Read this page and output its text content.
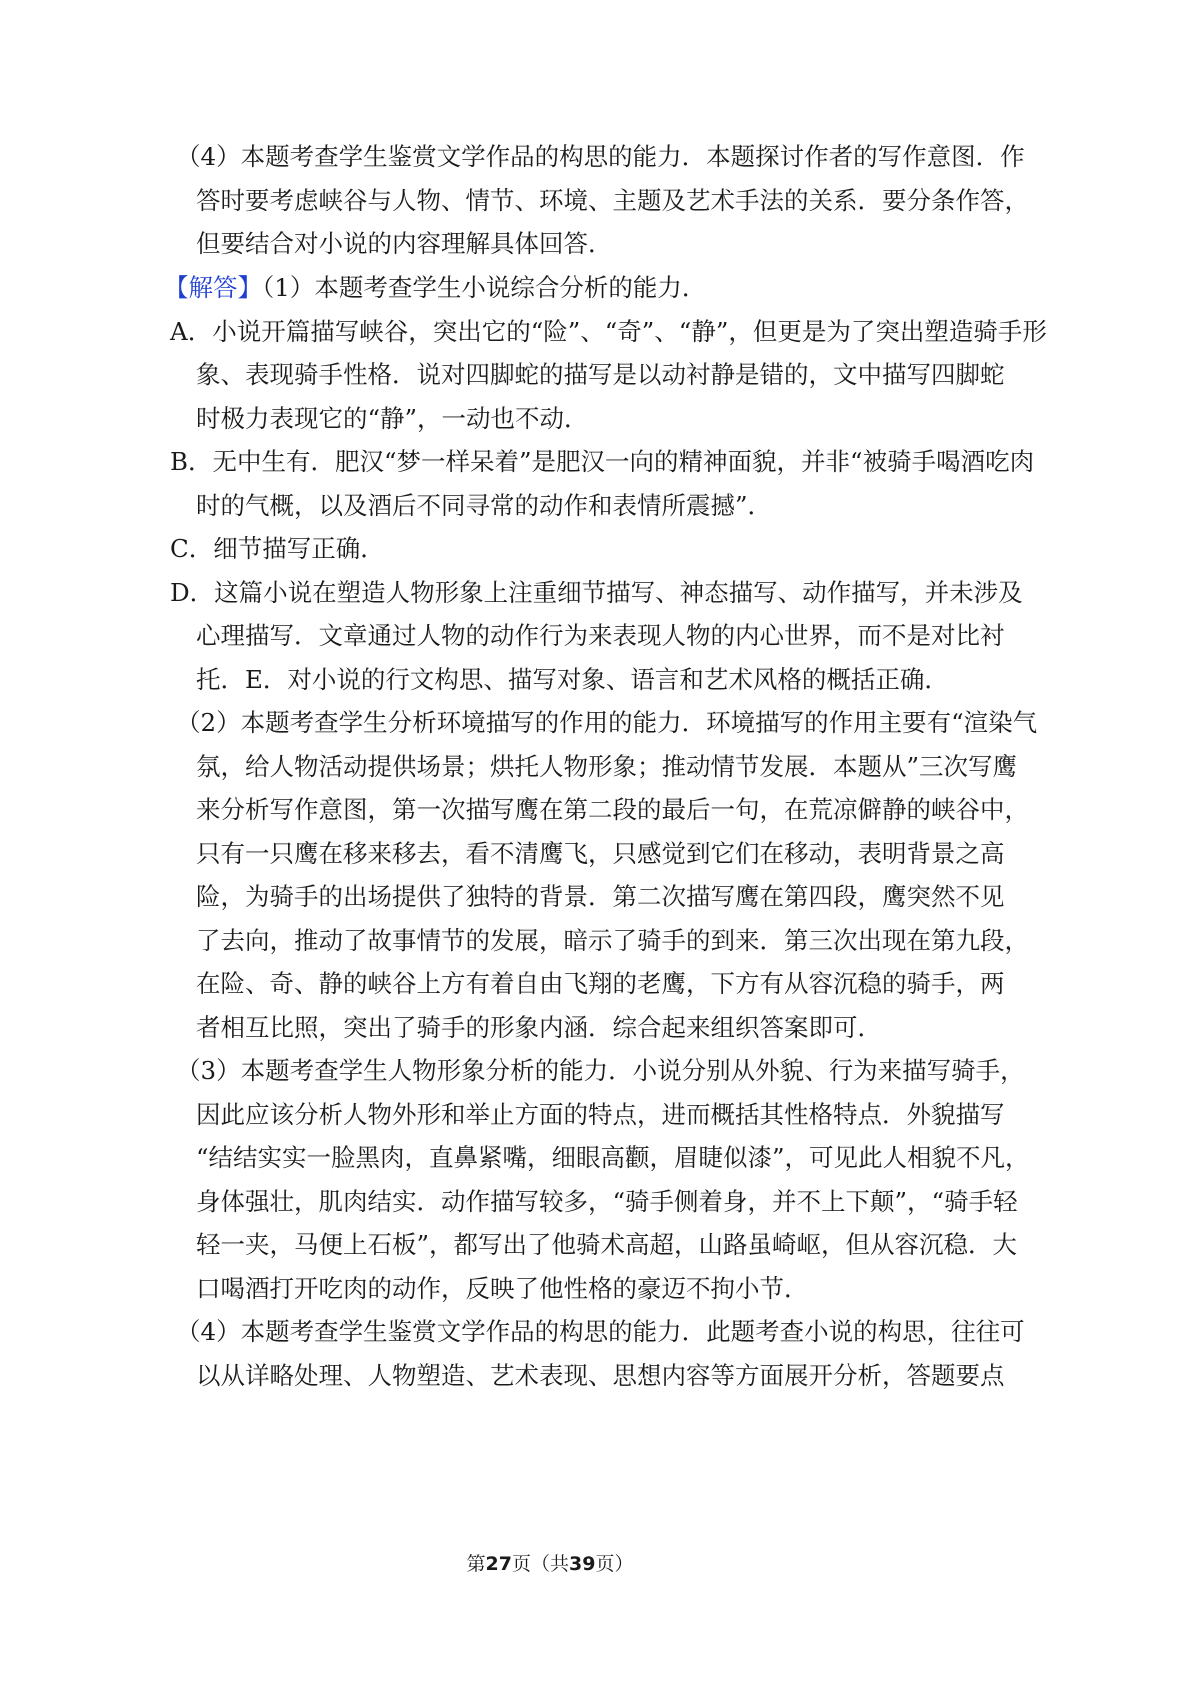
（4）本题考查学生鉴赏文学作品的构思的能力．本题探讨作者的写作意图．作
答时要考虑峡谷与人物、情节、环境、主题及艺术手法的关系．要分条作答，
但要结合对小说的内容理解具体回答．
【解答】（1）本题考查学生小说综合分析的能力．
A．小说开篇描写峡谷，突出它的“险”、“奇”、“静”，但更是为了突出塑造骑手形
象、表现骑手性格．说对四脚蛇的描写是以动衬静是错的，文中描写四脚蛇
时极力表现它的“静”，一动也不动．
B．无中生有．肥汉“梦一样呆着”是肥汉一向的精神面貌，并非“被骑手喝酒吃肉
时的气概，以及酒后不同寻常的动作和表情所震撼”．
C．细节描写正确．
D．这篇小说在塑造人物形象上注重细节描写、神态描写、动作描写，并未涉及
心理描写．文章通过人物的动作行为来表现人物的内心世界，而不是对比衬
托．E．对小说的行文构思、描写对象、语言和艺术风格的概括正确．
（2）本题考查学生分析环境描写的作用的能力．环境描写的作用主要有“渲染气
氛，给人物活动提供场景；烘托人物形象；推动情节发展．本题从”三次写鹰
来分析写作意图，第一次描写鹰在第二段的最后一句，在荒凉僻静的峡谷中，
只有一只鹰在移来移去，看不清鹰飞，只感觉到它们在移动，表明背景之高
险，为骑手的出场提供了独特的背景．第二次描写鹰在第四段，鹰突然不见
了去向，推动了故事情节的发展，暗示了骑手的到来．第三次出现在第九段，
在险、奇、静的峡谷上方有着自由飞翔的老鹰，下方有从容沉稳的骑手，两
者相互比照，突出了骑手的形象内涵．综合起来组织答案即可．
（3）本题考查学生人物形象分析的能力．小说分别从外貌、行为来描写骑手，
因此应该分析人物外形和举止方面的特点，进而概括其性格特点．外貌描写
“结结实实一脸黑肉，直鼻紧嘴，细眼高颧，眉睫似漆”，可见此人相貌不凡，
身体强壮，肌肉结实．动作描写较多，“骑手侧着身，并不上下颠”，“骑手轻
轻一夹，马便上石板”，都写出了他骑术高超，山路虽崎岖，但从容沉稳．大
口喝酒打开吃肉的动作，反映了他性格的豪迈不拘小节．
（4）本题考查学生鉴赏文学作品的构思的能力．此题考查小说的构思，往往可
以从详略处理、人物塑造、艺术表现、思想内容等方面展开分析，答题要点
第27页（共39页）
